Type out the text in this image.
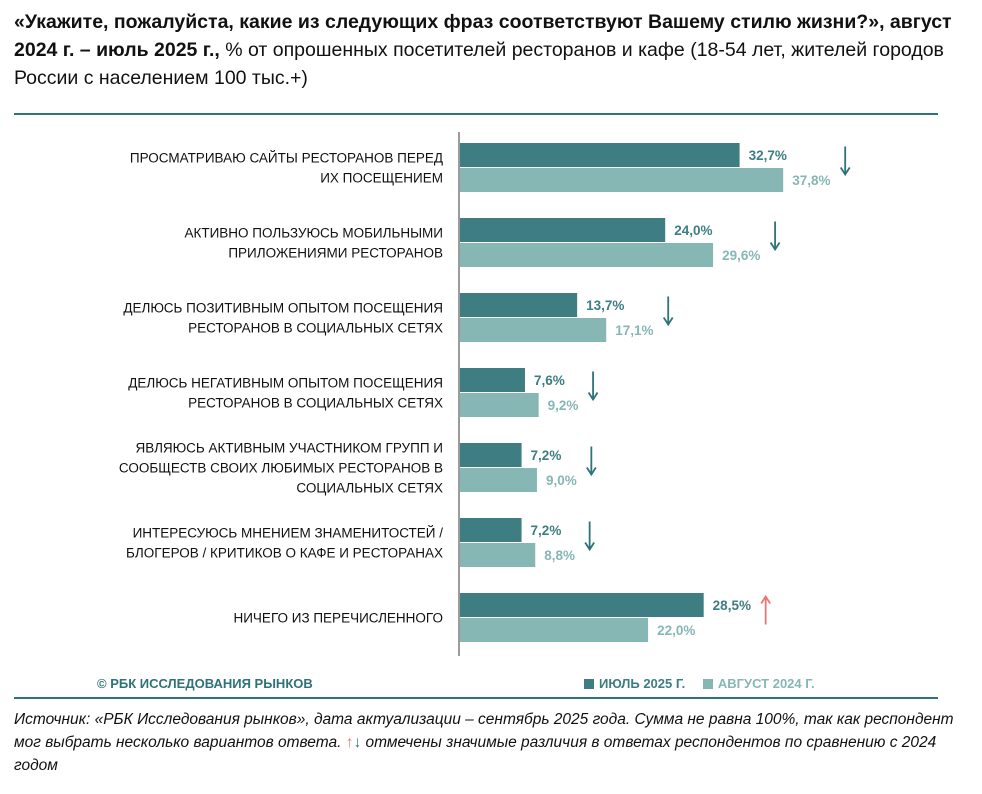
«Укажите, пожалуйста, какие из следующих фраз соответствуют Вашему стилю жизни?», август 2024 г. – июль 2025 г., % от опрошенных посетителей ресторанов и кафе (18-54 лет, жителей городов России с населением 100 тыс.+)
ПРОСМАТРИВАЮ САЙТЫ РЕСТОРАНОВ ПЕРЕД
ИХ ПОСЕЩЕНИЕМ
32,7%
37,8%
АКТИВНО ПОЛЬЗУЮСЬ МОБИЛЬНЫМИ
ПРИЛОЖЕНИЯМИ РЕСТОРАНОВ
24,0%
29,6%
ДЕЛЮСЬ ПОЗИТИВНЫМ ОПЫТОМ ПОСЕЩЕНИЯ
РЕСТОРАНОВ В СОЦИАЛЬНЫХ СЕТЯХ
13,7%
17,1%
ДЕЛЮСЬ НЕГАТИВНЫМ ОПЫТОМ ПОСЕЩЕНИЯ
РЕСТОРАНОВ В СОЦИАЛЬНЫХ СЕТЯХ
7,6%
9,2%
ЯВЛЯЮСЬ АКТИВНЫМ УЧАСТНИКОМ ГРУПП И
СООБЩЕСТВ СВОИХ ЛЮБИМЫХ РЕСТОРАНОВ В
СОЦИАЛЬНЫХ СЕТЯХ
7,2%
9,0%
ИНТЕРЕСУЮСЬ МНЕНИЕМ ЗНАМЕНИТОСТЕЙ /
БЛОГЕРОВ / КРИТИКОВ О КАФЕ И РЕСТОРАНАХ
7,2%
8,8%
НИЧЕГО ИЗ ПЕРЕЧИСЛЕННОГО
28,5%
22,0%
© РБК ИССЛЕДОВАНИЯ РЫНКОВ	ИЮЛЬ 2025 Г.
	АВГУСТ 2024 Г.
Источник: «РБК Исследования рынков», дата актуализации – сентябрь 2025 года. Сумма не равна 100%, так как респондент мог выбрать несколько вариантов ответа. ↑↓ отмечены значимые различия в ответах респондентов по сравнению с 2024 годом
